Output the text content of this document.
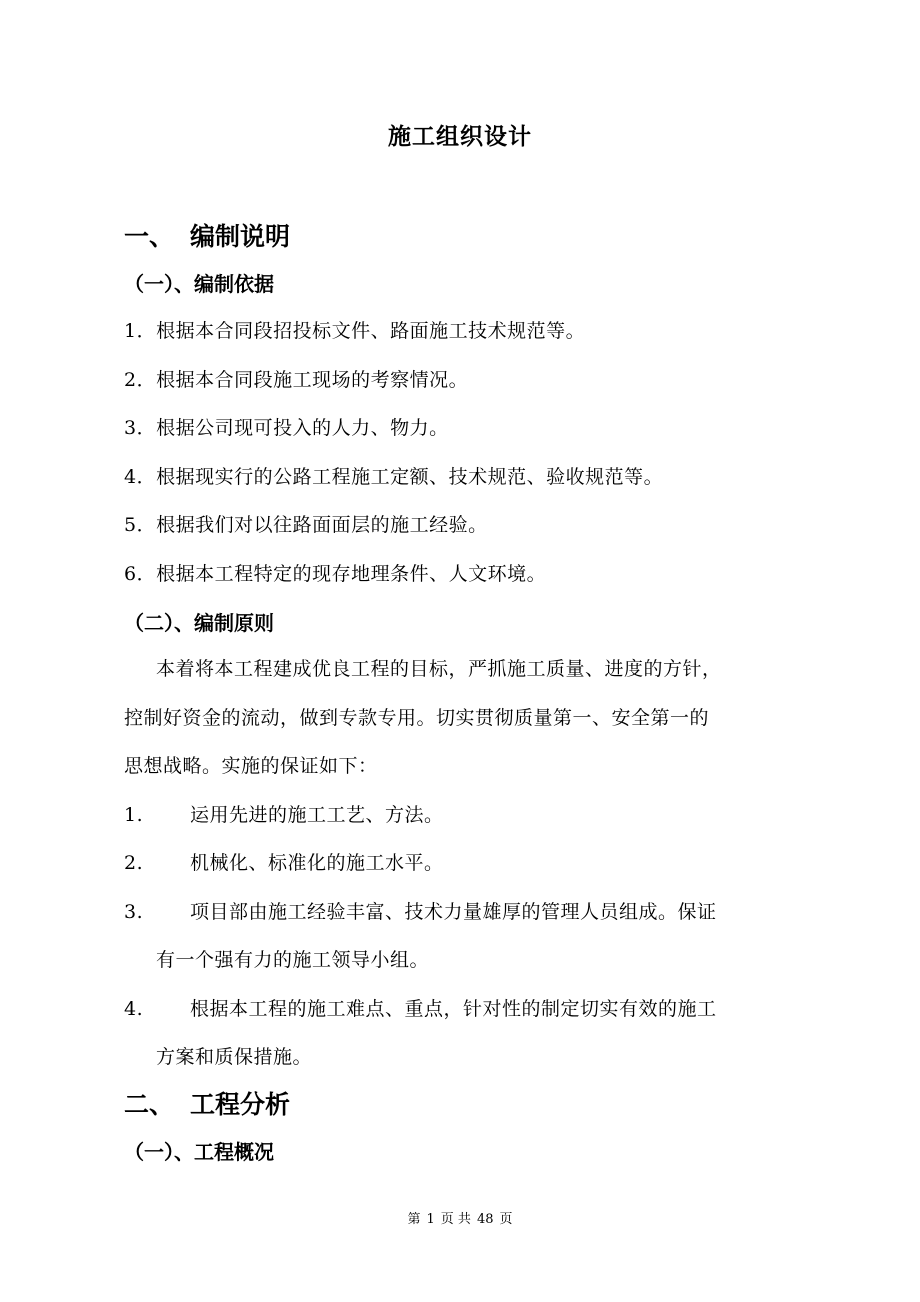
施工组织设计
一、 编制说明
（一）、编制依据
1．根据本合同段招投标文件、路面施工技术规范等。
2．根据本合同段施工现场的考察情况。
3．根据公司现可投入的人力、物力。
4．根据现实行的公路工程施工定额、技术规范、验收规范等。
5．根据我们对以往路面面层的施工经验。
6．根据本工程特定的现存地理条件、人文环境。
（二）、编制原则
本着将本工程建成优良工程的目标，严抓施工质量、进度的方针，
控制好资金的流动，做到专款专用。切实贯彻质量第一、安全第一的
思想战略。实施的保证如下：
1. 运用先进的施工工艺、方法。
2. 机械化、标准化的施工水平。
3. 项目部由施工经验丰富、技术力量雄厚的管理人员组成。保证
有一个强有力的施工领导小组。
4. 根据本工程的施工难点、重点，针对性的制定切实有效的施工
方案和质保措施。
二、 工程分析
（一）、工程概况
第 1 页 共 48 页
